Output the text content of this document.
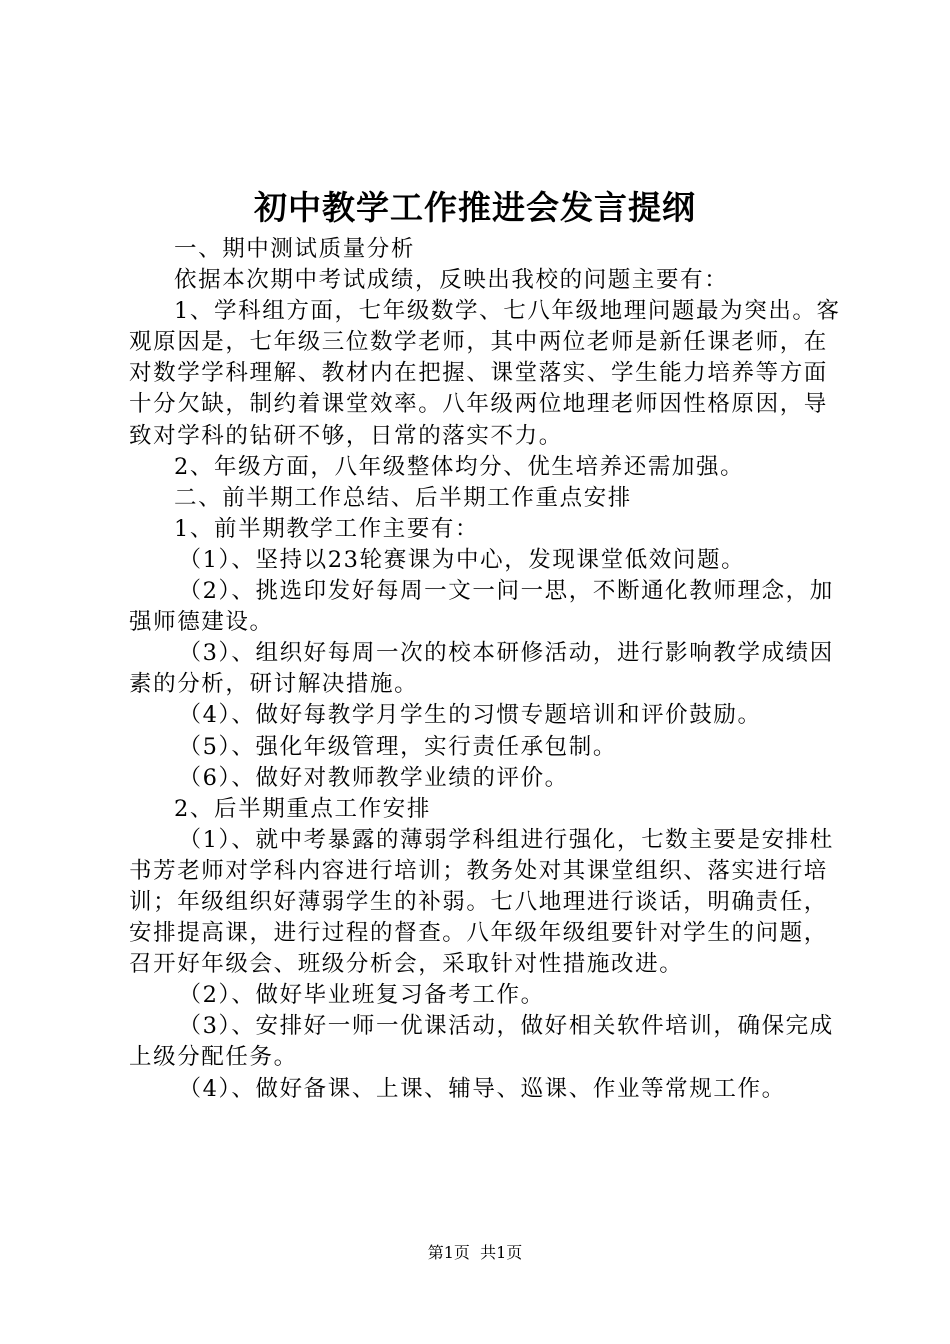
初中教学工作推进会发言提纲

一、期中测试质量分析

依据本次期中考试成绩，反映出我校的问题主要有：

1、学科组方面，七年级数学、七八年级地理问题最为突出。客观原因是，七年级三位数学老师，其中两位老师是新任课老师，在对数学学科理解、教材内在把握、课堂落实、学生能力培养等方面十分欠缺，制约着课堂效率。八年级两位地理老师因性格原因，导致对学科的钻研不够，日常的落实不力。

2、年级方面，八年级整体均分、优生培养还需加强。

二、前半期工作总结、后半期工作重点安排

1、前半期教学工作主要有：

（1）、坚持以23轮赛课为中心，发现课堂低效问题。

（2）、挑选印发好每周一文一问一思，不断通化教师理念，加强师德建设。

（3）、组织好每周一次的校本研修活动，进行影响教学成绩因素的分析，研讨解决措施。

（4）、做好每教学月学生的习惯专题培训和评价鼓励。

（5）、强化年级管理，实行责任承包制。

（6）、做好对教师教学业绩的评价。

2、后半期重点工作安排

（1）、就中考暴露的薄弱学科组进行强化，七数主要是安排杜书芳老师对学科内容进行培训；教务处对其课堂组织、落实进行培训；年级组织好薄弱学生的补弱。七八地理进行谈话，明确责任，安排提高课，进行过程的督查。八年级年级组要针对学生的问题，召开好年级会、班级分析会，采取针对性措施改进。

（2）、做好毕业班复习备考工作。

（3）、安排好一师一优课活动，做好相关软件培训，确保完成上级分配任务。

（4）、做好备课、上课、辅导、巡课、作业等常规工作。

第1页 共1页
